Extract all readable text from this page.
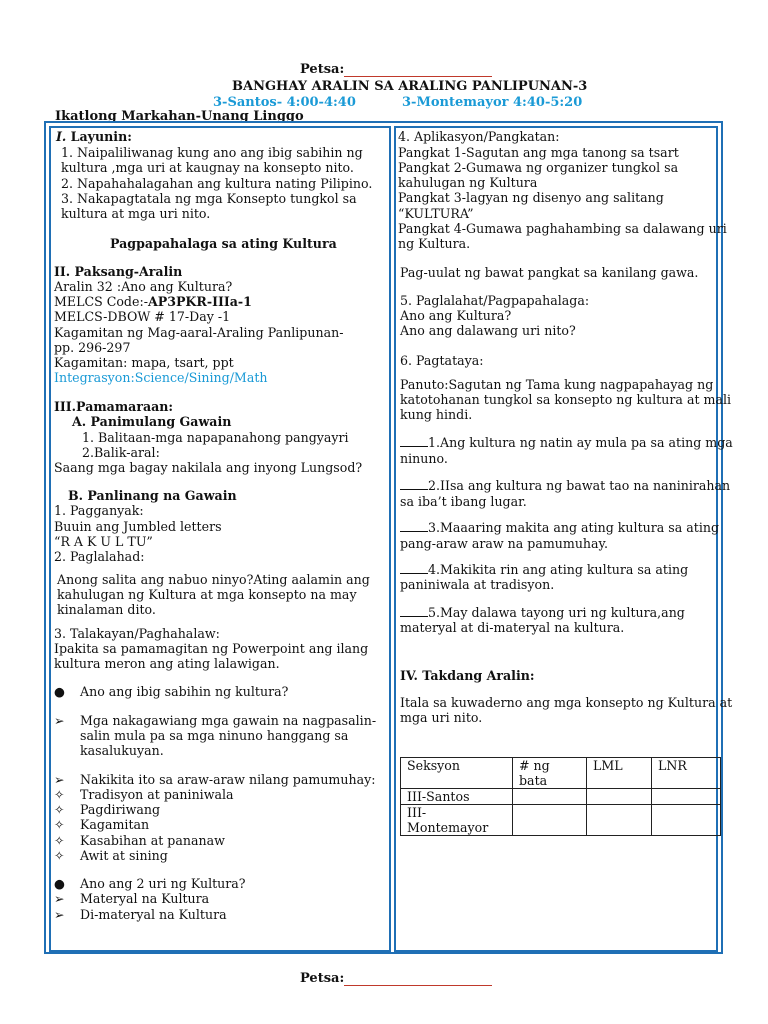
Petsa:
BANGHAY ARALIN SA ARALING PANLIPUNAN-3
3-Santos- 4:00-4:40	3-Montemayor 4:40-5:20
Ikatlong Markahan-Unang Linggo
I. Layunin:
1. Naipaliliwanag kung ano ang ibig sabihin ng
kultura ,mga uri at kaugnay na konsepto nito.
2. Napahahalagahan ang kultura nating Pilipino.
3. Nakapagtatala ng mga Konsepto tungkol sa
kultura at mga uri nito.
Pagpapahalaga sa ating Kultura
II. Paksang-Aralin
Aralin 32 :Ano ang Kultura?
MELCS Code:-AP3PKR-IIIa-1
MELCS-DBOW # 17-Day -1
Kagamitan ng Mag-aaral-Araling Panlipunan-
pp. 296-297
Kagamitan: mapa, tsart, ppt
Integrasyon:Science/Sining/Math
III.Pamamaraan:
A. Panimulang Gawain
1. Balitaan-mga napapanahong pangyayri
2.Balik-aral:
Saang mga bagay nakilala ang inyong Lungsod?
B. Panlinang na Gawain
1. Pagganyak:
Buuin ang Jumbled letters
“R A K U L TU”
2. Paglalahad:
Anong salita ang nabuo ninyo?Ating aalamin ang
kahulugan ng Kultura at mga konsepto na may
kinalaman dito.
3. Talakayan/Paghahalaw:
Ipakita sa pamamagitan ng Powerpoint ang ilang
kultura meron ang ating lalawigan.
● Ano ang ibig sabihin ng kultura?
➢ Mga nakagawiang mga gawain na nagpasalin-
salin mula pa sa mga ninuno hanggang sa
kasalukuyan.
➢ Nakikita ito sa araw-araw nilang pamumuhay:
✧ Tradisyon at paniniwala
✧ Pagdiriwang
✧ Kagamitan
✧ Kasabihan at pananaw
✧ Awit at sining
● Ano ang 2 uri ng Kultura?
➢ Materyal na Kultura
➢ Di-materyal na Kultura
4. Aplikasyon/Pangkatan:
Pangkat 1-Sagutan ang mga tanong sa tsart
Pangkat 2-Gumawa ng organizer tungkol sa
kahulugan ng Kultura
Pangkat 3-lagyan ng disenyo ang salitang
“KULTURA”
Pangkat 4-Gumawa paghahambing sa dalawang uri
ng Kultura.
Pag-uulat ng bawat pangkat sa kanilang gawa.
5. Paglalahat/Pagpapahalaga:
Ano ang Kultura?
Ano ang dalawang uri nito?
6. Pagtataya:
Panuto:Sagutan ng Tama kung nagpapahayag ng
katotohanan tungkol sa konsepto ng kultura at mali
kung hindi.
1.Ang kultura ng natin ay mula pa sa ating mga
ninuno.
2.IIsa ang kultura ng bawat tao na naninirahan
sa iba’t ibang lugar.
3.Maaaring makita ang ating kultura sa ating
pang-araw araw na pamumuhay.
4.Makikita rin ang ating kultura sa ating
paniniwala at tradisyon.
5.May dalawa tayong uri ng kultura,ang
materyal at di-materyal na kultura.
IV. Takdang Aralin:
Itala sa kuwaderno ang mga konsepto ng Kultura at
mga uri nito.
Seksyon	# ng bata	LML	LNR
III-Santos			
III-
Montemayor			
Petsa:
